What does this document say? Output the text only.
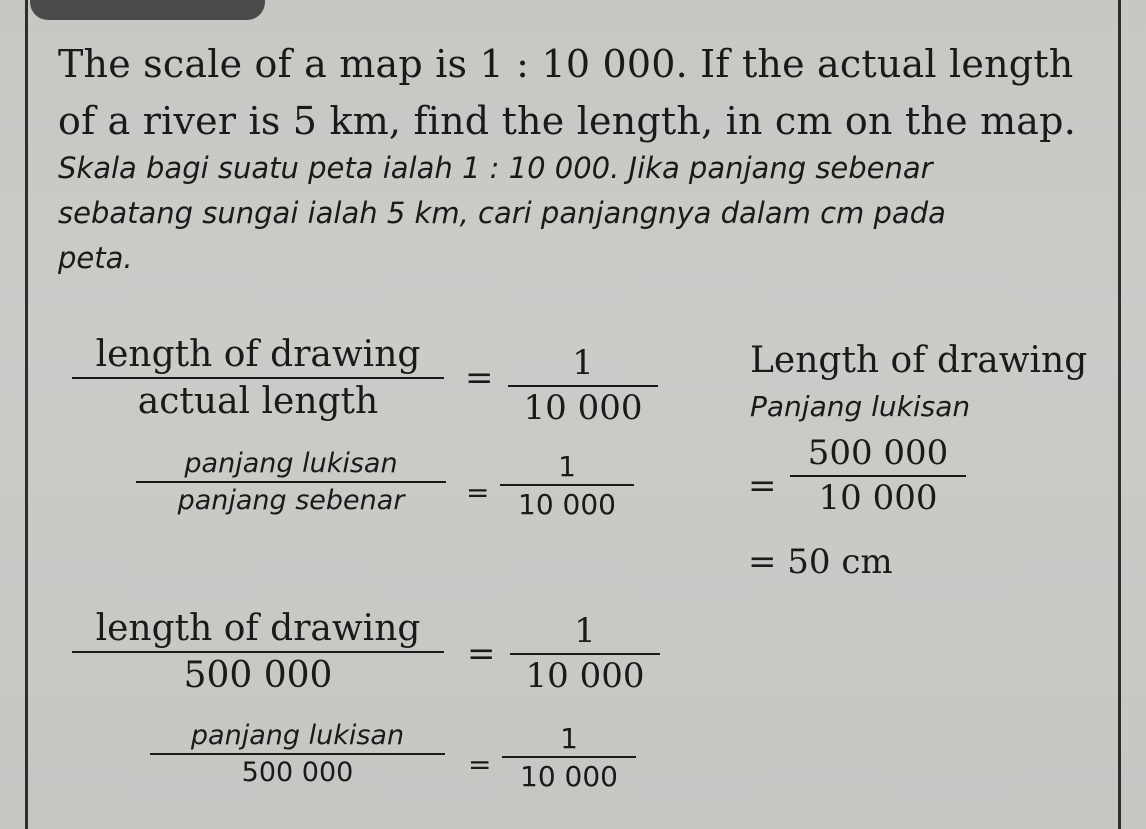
The scale of a map is 1 : 10 000. If the actual length
of a river is 5 km, find the length, in cm on the map.
Skala bagi suatu peta ialah 1 : 10 000. Jika panjang sebenar
sebatang sungai ialah 5 km, cari panjangnya dalam cm pada
peta.
length of drawing
actual length
= 1
10 000
panjang lukisan
panjang sebenar =
1
10 000
Length of drawing
Panjang lukisan
=
500 000
10 000
= 50 cm
length of drawing
500 000
=
1
10 000
panjang lukisan
500 000	=
1
10 000
